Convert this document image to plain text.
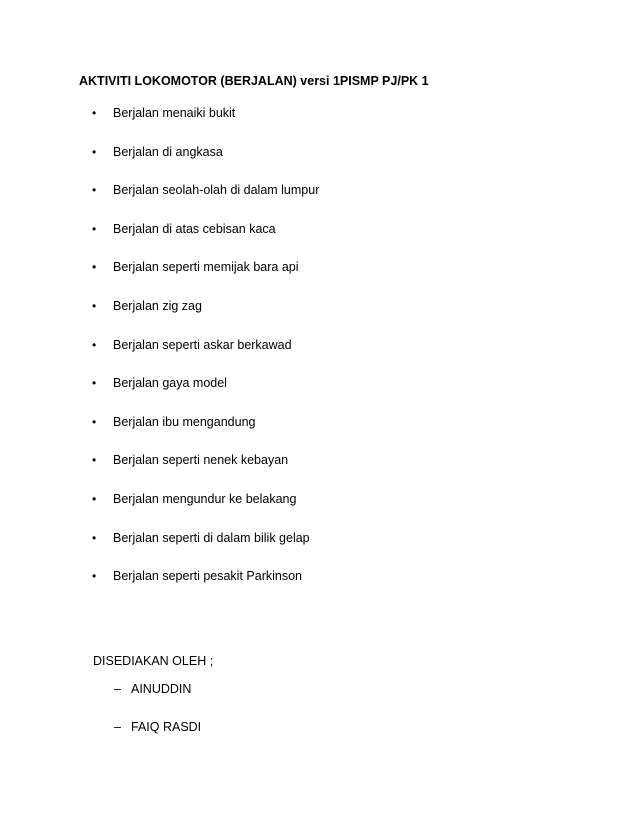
AKTIVITI LOKOMOTOR (BERJALAN) versi 1PISMP PJ/PK 1
• Berjalan menaiki bukit
• Berjalan di angkasa
• Berjalan seolah-olah di dalam lumpur
• Berjalan di atas cebisan kaca
• Berjalan seperti memijak bara api
• Berjalan zig zag
• Berjalan seperti askar berkawad
• Berjalan gaya model
• Berjalan ibu mengandung
• Berjalan seperti nenek kebayan
• Berjalan mengundur ke belakang
• Berjalan seperti di dalam bilik gelap
• Berjalan seperti pesakit Parkinson
DISEDIAKAN OLEH ;
– AINUDDIN
– FAIQ RASDI
